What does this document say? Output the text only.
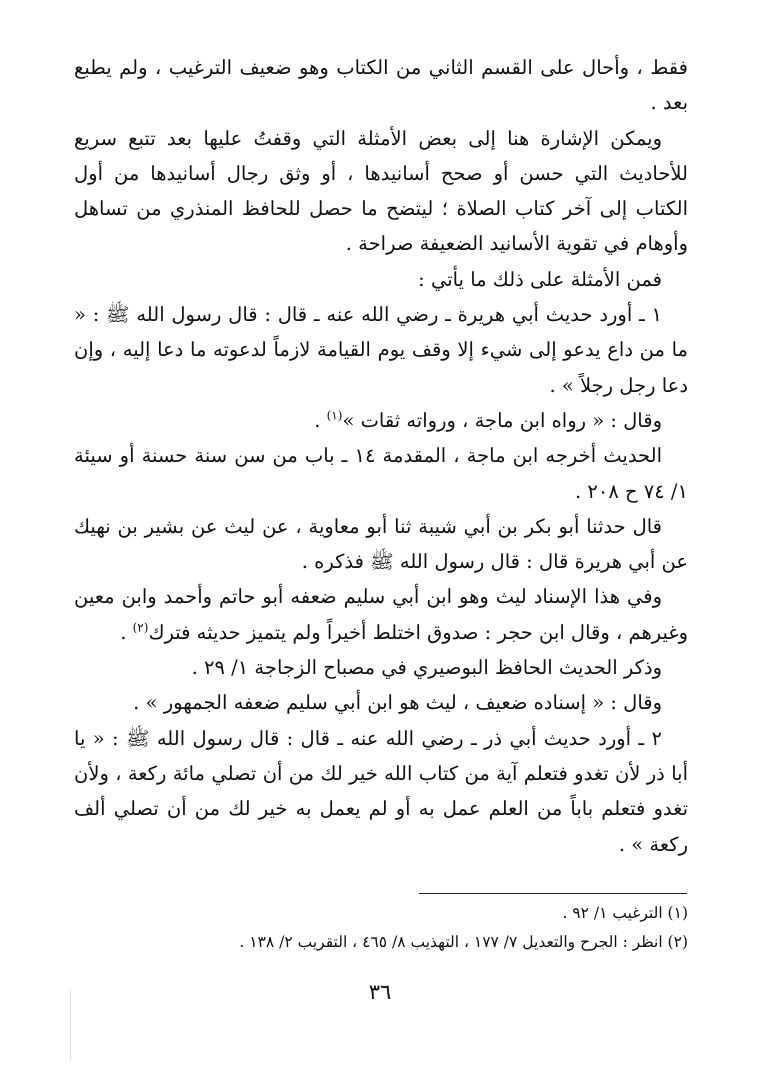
فقط ، وأحال على القسم الثاني من الكتاب وهو ضعيف الترغيب ، ولم يطبع بعد .

ويمكن الإشارة هنا إلى بعض الأمثلة التي وقفتُ عليها بعد تتبع سريع للأحاديث التي حسن أو صحح أسانيدها ، أو وثق رجال أسانيدها من أول الكتاب إلى آخر كتاب الصلاة ؛ ليتضح ما حصل للحافظ المنذري من تساهل وأوهام في تقوية الأسانيد الضعيفة صراحة .

فمن الأمثلة على ذلك ما يأتي :

١ ـ أورد حديث أبي هريرة ـ رضي الله عنه ـ قال : قال رسول الله ﷺ : « ما من داع يدعو إلى شيء إلا وقف يوم القيامة لازماً لدعوته ما دعا إليه ، وإن دعا رجل رجلاً » .

وقال : « رواه ابن ماجة ، ورواته ثقات »$^{(١)}$ .

الحديث أخرجه ابن ماجة ، المقدمة ١٤ ـ باب من سن سنة حسنة أو سيئة ١/ ٧٤ ح ٢٠٨ .

قال حدثنا أبو بكر بن أبي شيبة ثنا أبو معاوية ، عن ليث عن بشير بن نهيك عن أبي هريرة قال : قال رسول الله ﷺ فذكره .

وفي هذا الإسناد ليث وهو ابن أبي سليم ضعفه أبو حاتم وأحمد وابن معين وغيرهم ، وقال ابن حجر : صدوق اختلط أخيراً ولم يتميز حديثه فترك$^{(٢)}$ .

وذكر الحديث الحافظ البوصيري في مصباح الزجاجة ١/ ٢٩ .

وقال : « إسناده ضعيف ، ليث هو ابن أبي سليم ضعفه الجمهور » .

٢ ـ أورد حديث أبي ذر ـ رضي الله عنه ـ قال : قال رسول الله ﷺ : « يا أبا ذر لأن تغدو فتعلم آية من كتاب الله خير لك من أن تصلي مائة ركعة ، ولأن تغدو فتعلم باباً من العلم عمل به أو لم يعمل به خير لك من أن تصلي ألف ركعة » .

(١) الترغيب ١/ ٩٢ .

(٢) انظر : الجرح والتعديل ٧/ ١٧٧ ، التهذيب ٨/ ٤٦٥ ، التقريب ٢/ ١٣٨ .

٣٦
